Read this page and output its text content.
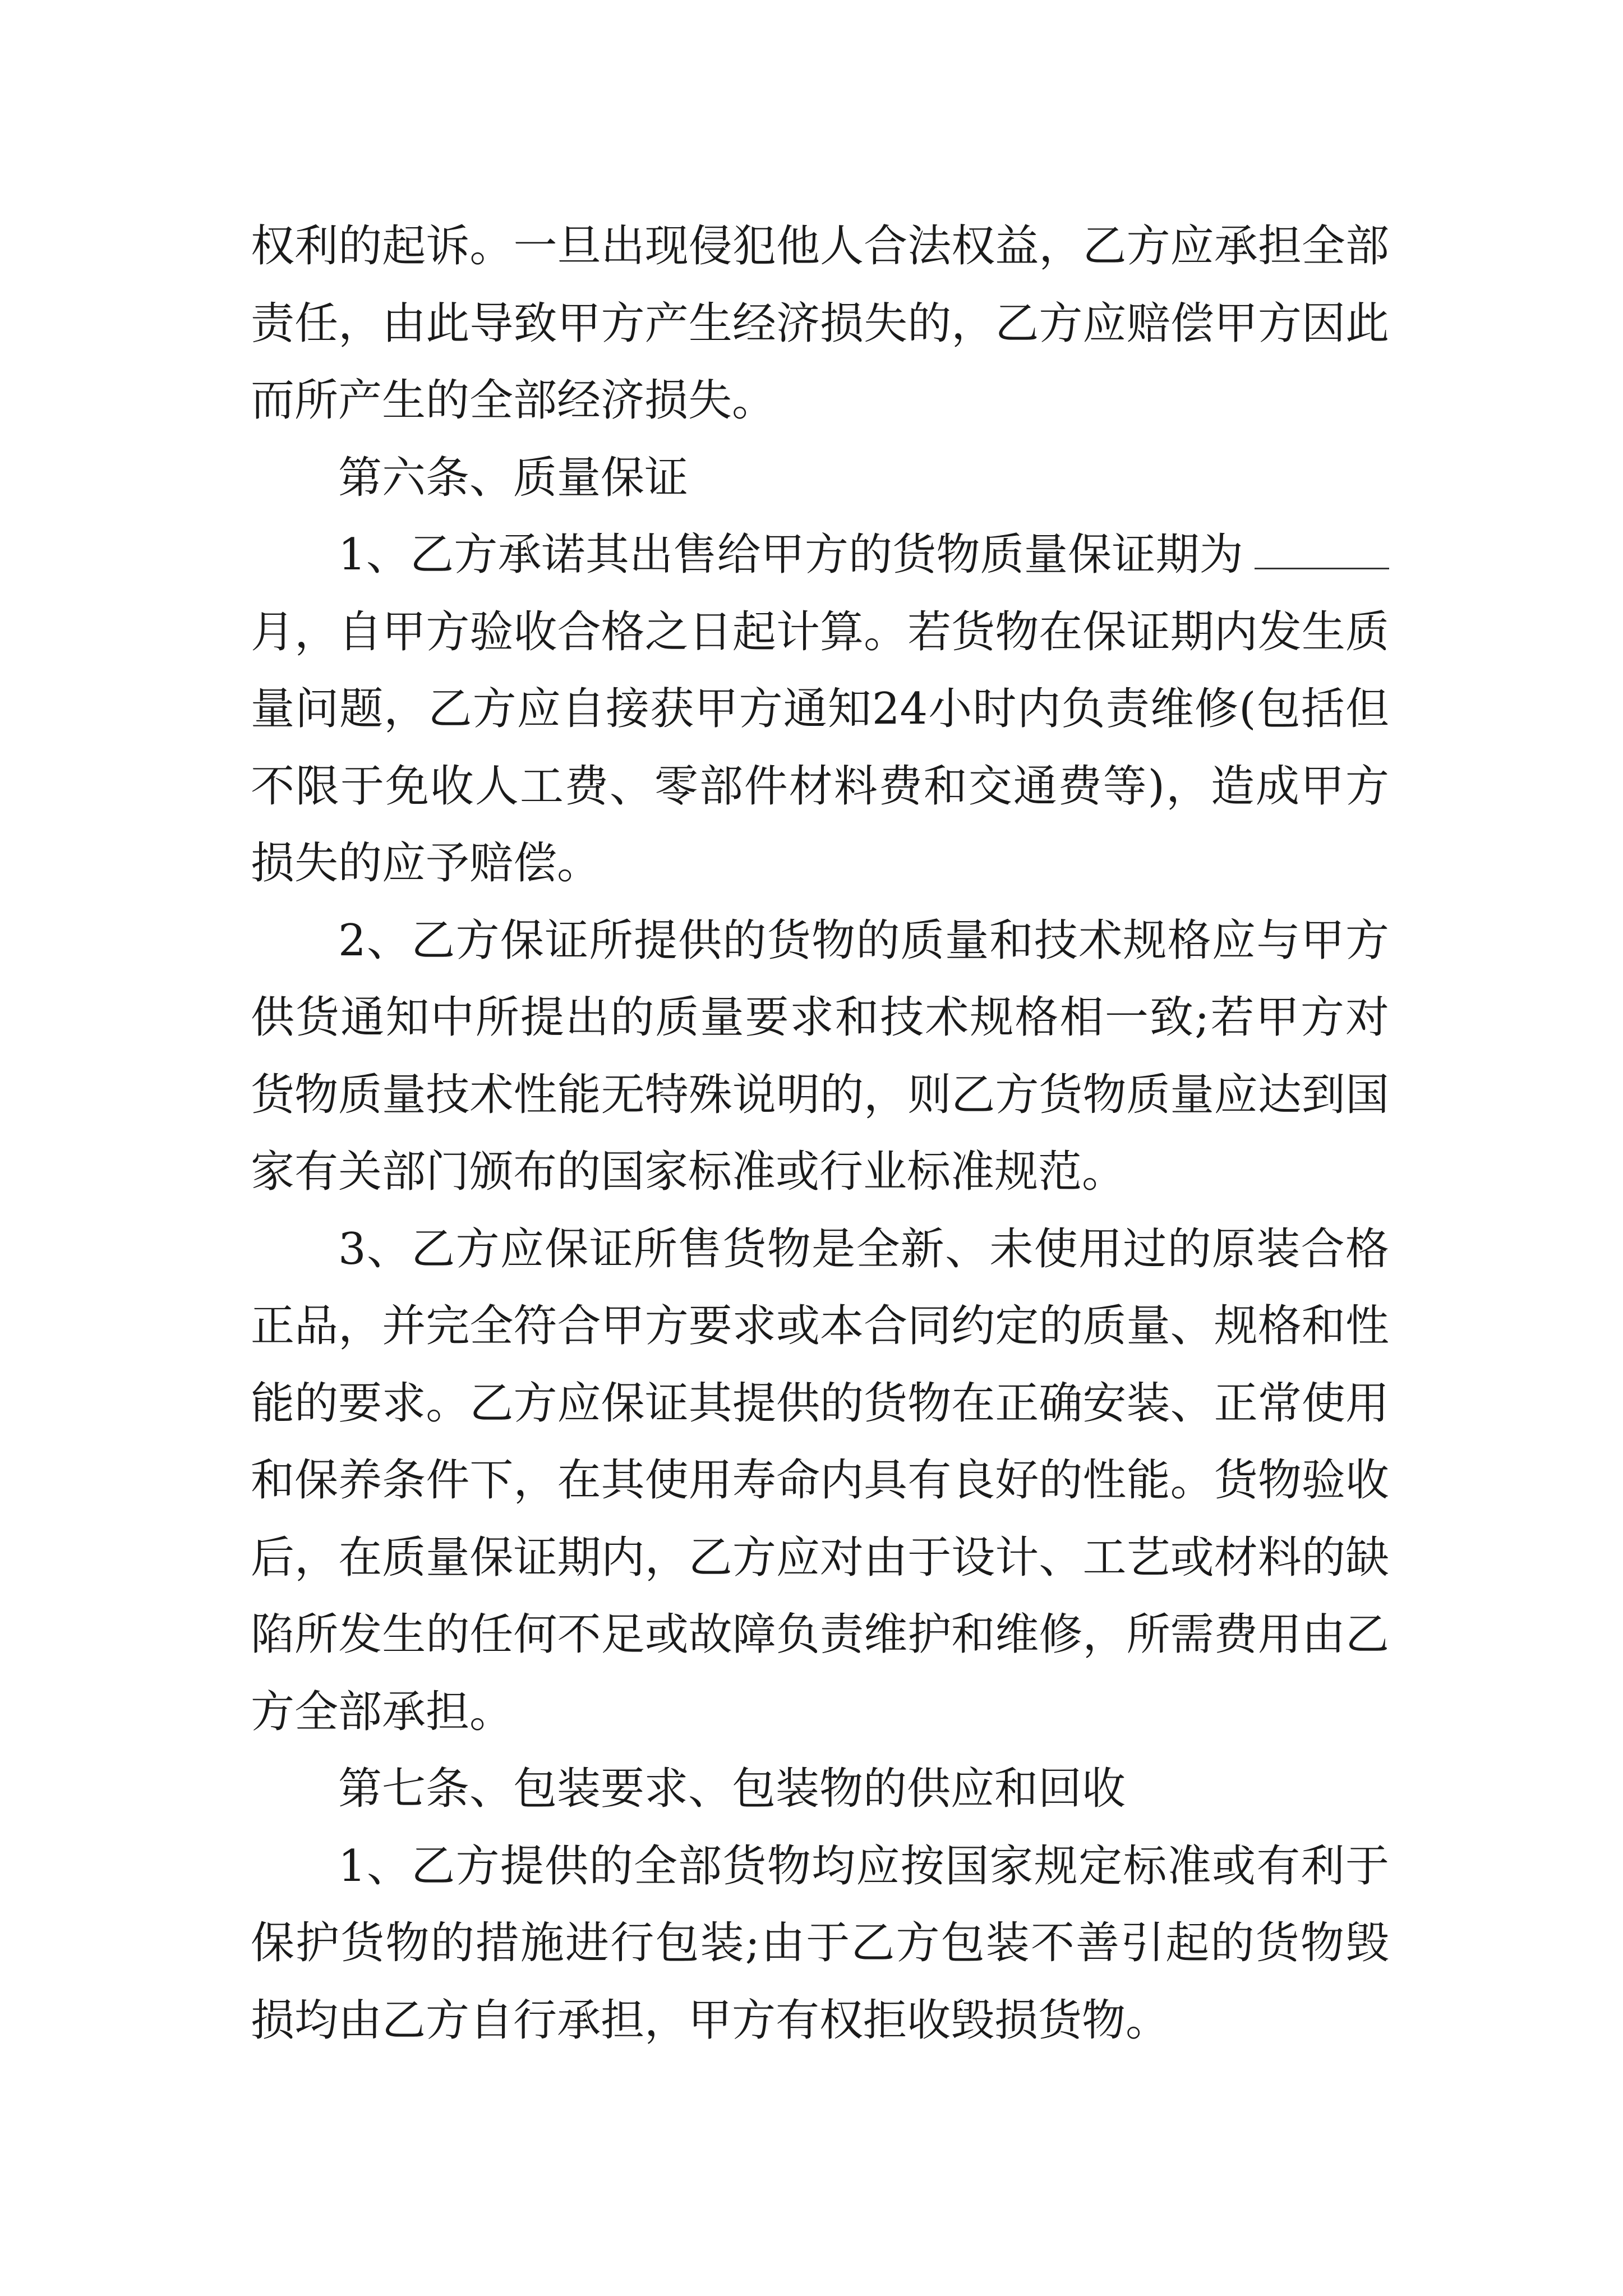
权利的起诉。一旦出现侵犯他人合法权益，乙方应承担全部责任，由此导致甲方产生经济损失的，乙方应赔偿甲方因此而所产生的全部经济损失。

第六条、质量保证

1、乙方承诺其出售给甲方的货物质量保证期为月，自甲方验收合格之日起计算。若货物在保证期内发生质量问题，乙方应自接获甲方通知24小时内负责维修(包括但不限于免收人工费、零部件材料费和交通费等)，造成甲方损失的应予赔偿。

2、乙方保证所提供的货物的质量和技术规格应与甲方供货通知中所提出的质量要求和技术规格相一致;若甲方对货物质量技术性能无特殊说明的，则乙方货物质量应达到国家有关部门颁布的国家标准或行业标准规范。

3、乙方应保证所售货物是全新、未使用过的原装合格正品，并完全符合甲方要求或本合同约定的质量、规格和性能的要求。乙方应保证其提供的货物在正确安装、正常使用和保养条件下，在其使用寿命内具有良好的性能。货物验收后，在质量保证期内，乙方应对由于设计、工艺或材料的缺陷所发生的任何不足或故障负责维护和维修，所需费用由乙方全部承担。

第七条、包装要求、包装物的供应和回收

1、乙方提供的全部货物均应按国家规定标准或有利于保护货物的措施进行包装;由于乙方包装不善引起的货物毁损均由乙方自行承担，甲方有权拒收毁损货物。
